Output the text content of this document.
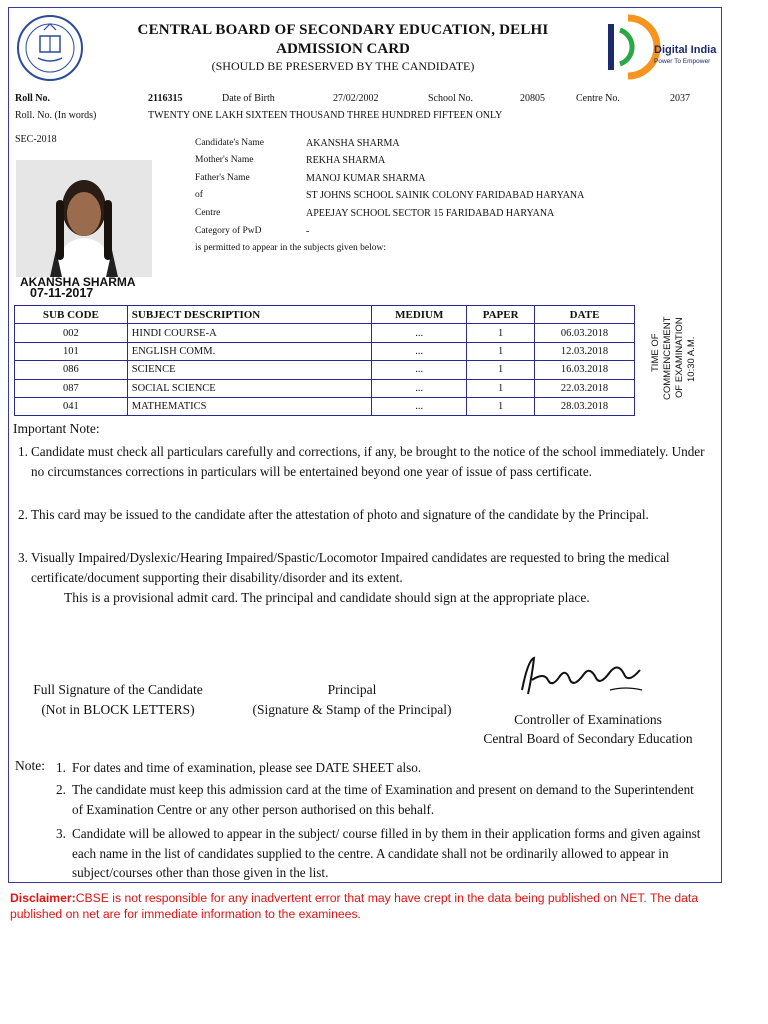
Digital India
Power To Empower
CENTRAL BOARD OF SECONDARY EDUCATION, DELHI
ADMISSION CARD
(SHOULD BE PRESERVED BY THE CANDIDATE)
Roll No.	2116315	Date of Birth	27/02/2002	School No.	20805	Centre No.	2037
Roll. No. (In words)	TWENTY ONE LAKH SIXTEEN THOUSAND THREE HUNDRED FIFTEEN ONLY
SEC-2018	Candidate's Name	AKANSHA SHARMA
Mother's Name	REKHA SHARMA
Father's Name	MANOJ KUMAR SHARMA
of	ST JOHNS SCHOOL SAINIK COLONY FARIDABAD HARYANA
Centre	APEEJAY SCHOOL SECTOR 15 FARIDABAD HARYANA
Category of PwD	-
is permitted to appear in the subjects given below:
AKANSHA SHARMA
07-11-2017
SUB CODE	SUBJECT DESCRIPTION	MEDIUM	PAPER	DATE
002	HINDI COURSE-A	...	1	06.03.2018
101	ENGLISH COMM.	...	1	12.03.2018
086	SCIENCE	...	1	16.03.2018
087	SOCIAL SCIENCE	...	1	22.03.2018
041	MATHEMATICS	...	1	28.03.2018
TIME OF COMMENCEMENT OF EXAMINATION 10:30 A.M.
Important Note:
1. Candidate must check all particulars carefully and corrections, if any, be brought to the notice of the school immediately. Under no circumstances corrections in particulars will be entertained beyond one year of issue of pass certificate.
2. This card may be issued to the candidate after the attestation of photo and signature of the candidate by the Principal.
3. Visually Impaired/Dyslexic/Hearing Impaired/Spastic/Locomotor Impaired candidates are requested to bring the medical certificate/document supporting their disability/disorder and its extent.
This is a provisional admit card. The principal and candidate should sign at the appropriate place.
Full Signature of the Candidate
(Not in BLOCK LETTERS)
Principal
(Signature & Stamp of the Principal)
Controller of Examinations
Central Board of Secondary Education
Note: 1. For dates and time of examination, please see DATE SHEET also.
2. The candidate must keep this admission card at the time of Examination and present on demand to the Superintendent of Examination Centre or any other person authorised on this behalf.
3. Candidate will be allowed to appear in the subject/ course filled in by them in their application forms and given against each name in the list of candidates supplied to the centre. A candidate shall not be ordinarily allowed to appear in subject/courses other than those given in the list.
Disclaimer:CBSE is not responsible for any inadvertent error that may have crept in the data being published on NET. The data published on net are for immediate information to the examinees.
